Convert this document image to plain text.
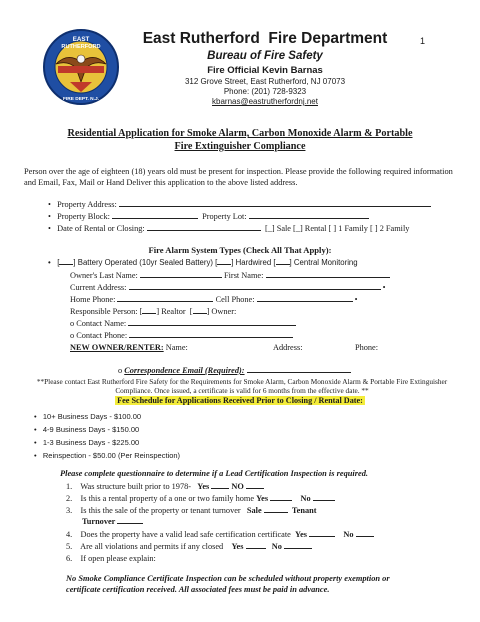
1
EAST
RUTHERFORD
FIRE DEPT. N.J.
East Rutherford  Fire Department
Bureau of Fire Safety
Fire Official Kevin Barnas
312 Grove Street, East Rutherford, NJ 07073
Phone: (201) 728-9323
kbarnas@eastrutherfordnj.net
Residential Application for Smoke Alarm, Carbon Monoxide Alarm & Portable
Fire Extinguisher Compliance
Person over the age of eighteen (18) years old must be present for inspection. Please provide the following required information and Email, Fax, Mail or Hand Deliver this application to the above listed address.
•   Property Address:
•   Property Block:	Property Lot:
•   Date of Rental or Closing:	[_] Sale [_] Rental [ ] 1 Family [ ] 2 Family
Fire Alarm System Types (Check All That Apply):
•   [ ] Battery Operated (10yr Sealed Battery) [ ] Hardwired [ ] Central Monitoring
Owner's Last Name:	First Name:
Current Address:	•
Home Phone:	Cell Phone:	•
Responsible Person: [ ] Realtor  [ ] Owner:
o Contact Name:
o Contact Phone:
NEW OWNER/RENTER: Name:	Address:	Phone:
o Correspondence Email (Required):
**Please contact East Rutherford Fire Safety for the Requirements for Smoke Alarm, Carbon Monoxide Alarm & Portable Fire Extinguisher Compliance. Once issued, a certificate is valid for 6 months from the effective date. **
Fee Schedule for Applications Received Prior to Closing / Rental Date:
•   10+ Business Days - $100.00
•   4-9 Business Days - $150.00
•   1-3 Business Days - $225.00
•   Reinspection - $50.00 (Per Reinspection)
Please complete questionnaire to determine if a Lead Certification Inspection is required.
1. Was structure built prior to 1978- Yes	NO
2. Is this a rental property of a one or two family home Yes	No
3. Is this the sale of the property or tenant turnover Sale	Tenant
Turnover
4. Does the property have a valid lead safe certification certificate Yes	No
5. Are all violations and permits if any closed Yes	No
6. If open please explain:
No Smoke Compliance Certificate Inspection can be scheduled without property exemption or certificate certification received. All associated fees must be paid in advance.
